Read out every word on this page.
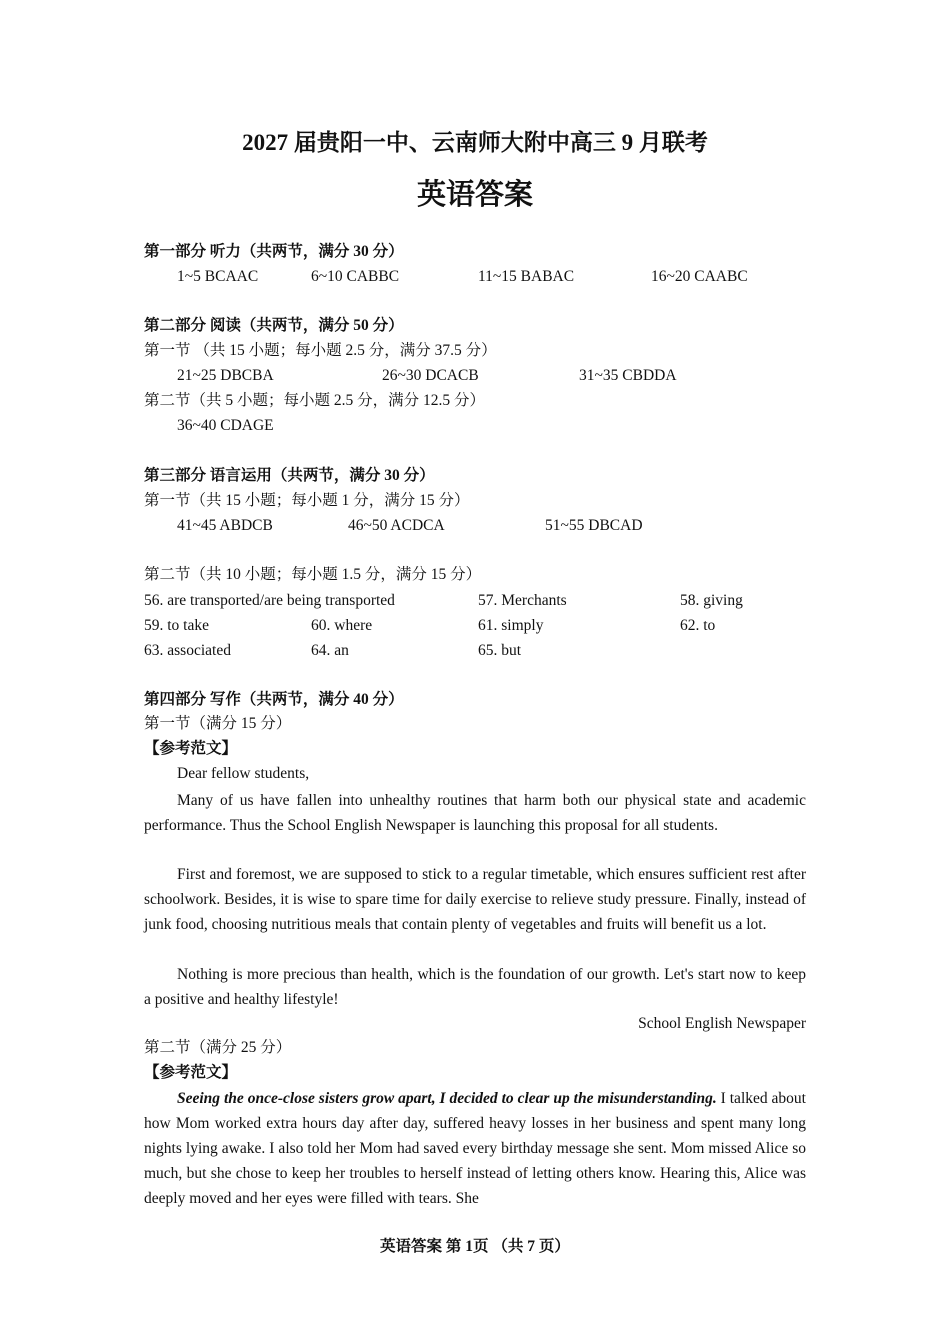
2027 届贵阳一中、云南师大附中高三 9 月联考
英语答案
第一部分 听力（共两节，满分 30 分）
1~5 BCAAC	6~10 CABBC	11~15 BABAC	16~20 CAABC
第二部分 阅读（共两节，满分 50 分）
第一节 （共 15 小题；每小题 2.5 分，满分 37.5 分）
21~25 DBCBA	26~30 DCACB	31~35 CBDDA
第二节（共 5 小题；每小题 2.5 分，满分 12.5 分）
36~40 CDAGE
第三部分 语言运用（共两节，满分 30 分）
第一节（共 15 小题；每小题 1 分，满分 15 分）
41~45 ABDCB	46~50 ACDCA	51~55 DBCAD
第二节（共 10 小题；每小题 1.5 分，满分 15 分）
56. are transported/are being transported	57. Merchants	58. giving
59. to take	60. where	61. simply	62. to
63. associated	64. an	65. but
第四部分 写作（共两节，满分 40 分）
第一节（满分 15 分）
【参考范文】
Dear fellow students,

Many of us have fallen into unhealthy routines that harm both our physical state and academic performance. Thus the School English Newspaper is launching this proposal for all students.

First and foremost, we are supposed to stick to a regular timetable, which ensures sufficient rest after schoolwork. Besides, it is wise to spare time for daily exercise to relieve study pressure. Finally, instead of junk food, choosing nutritious meals that contain plenty of vegetables and fruits will benefit us a lot.

Nothing is more precious than health, which is the foundation of our growth. Let's start now to keep a positive and healthy lifestyle!

School English Newspaper
第二节（满分 25 分）
【参考范文】

Seeing the once-close sisters grow apart, I decided to clear up the misunderstanding. I talked about how Mom worked extra hours day after day, suffered heavy losses in her business and spent many long nights lying awake. I also told her Mom had saved every birthday message she sent. Mom missed Alice so much, but she chose to keep her troubles to herself instead of letting others know. Hearing this, Alice was deeply moved and her eyes were filled with tears. She

英语答案 第 1页 （共 7 页）
